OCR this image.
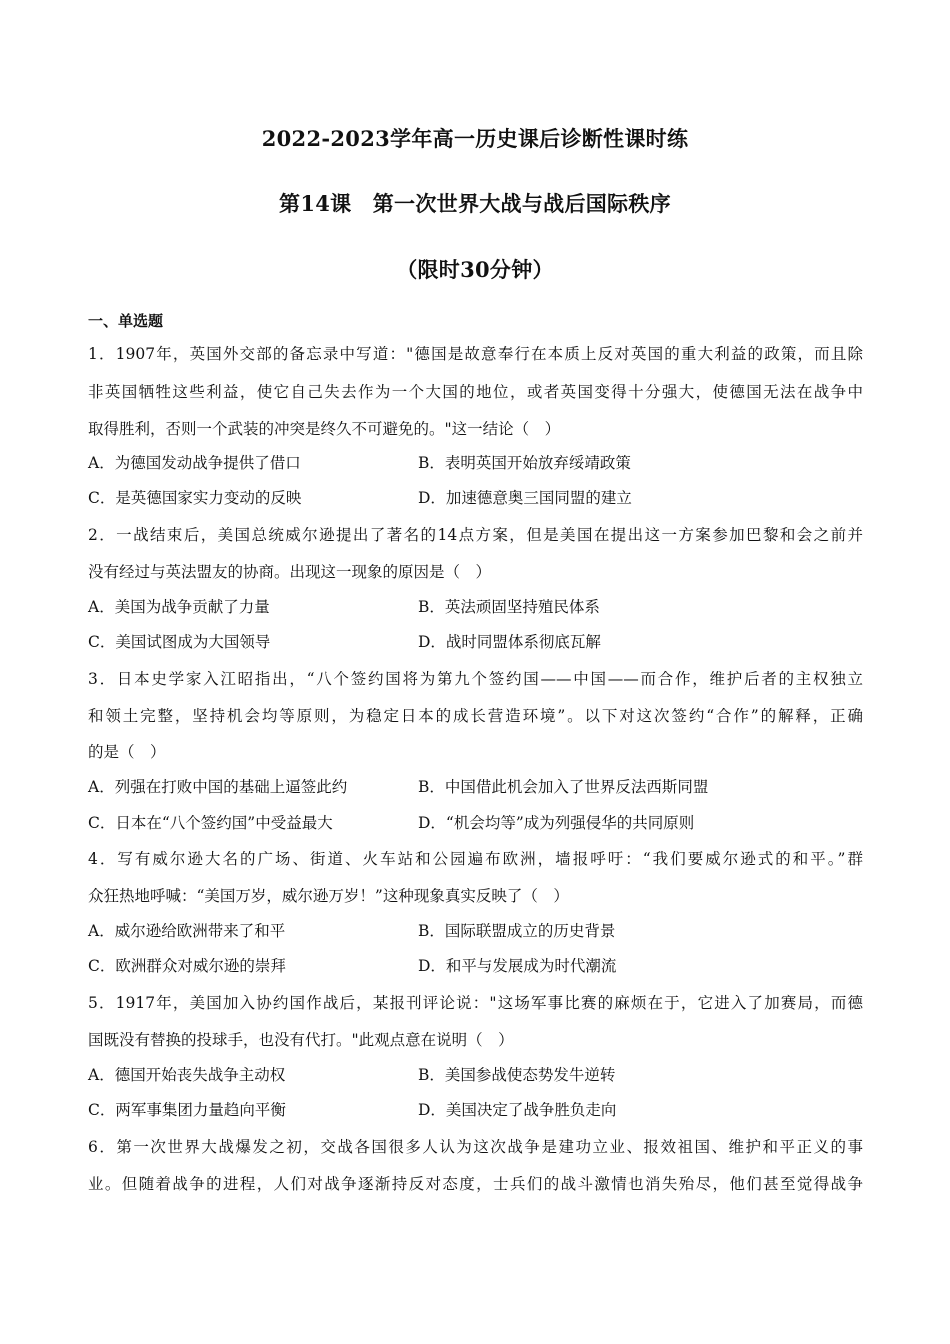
2022-2023学年高一历史课后诊断性课时练
第14课　第一次世界大战与战后国际秩序
（限时30分钟）
一、单选题
1．1907年，英国外交部的备忘录中写道："德国是故意奉行在本质上反对英国的重大利益的政策，而且除
非英国牺牲这些利益，使它自己失去作为一个大国的地位，或者英国变得十分强大，使德国无法在战争中
取得胜利，否则一个武装的冲突是终久不可避免的。"这一结论（　）
A．为德国发动战争提供了借口	B．表明英国开始放弃绥靖政策
C．是英德国家实力变动的反映	D．加速德意奥三国同盟的建立
2．一战结束后，美国总统威尔逊提出了著名的14点方案，但是美国在提出这一方案参加巴黎和会之前并
没有经过与英法盟友的协商。出现这一现象的原因是（　）
A．美国为战争贡献了力量	B．英法顽固坚持殖民体系
C．美国试图成为大国领导	D．战时同盟体系彻底瓦解
3．日本史学家入江昭指出，“八个签约国将为第九个签约国——中国——而合作，维护后者的主权独立
和领土完整，坚持机会均等原则，为稳定日本的成长营造环境”。以下对这次签约“合作”的解释，正确
的是（　）
A．列强在打败中国的基础上逼签此约	B．中国借此机会加入了世界反法西斯同盟
C．日本在“八个签约国”中受益最大	D．“机会均等”成为列强侵华的共同原则
4．写有威尔逊大名的广场、街道、火车站和公园遍布欧洲，墙报呼吁：“我们要威尔逊式的和平。”群
众狂热地呼喊：“美国万岁，威尔逊万岁！”这种现象真实反映了（　）
A．威尔逊给欧洲带来了和平	B．国际联盟成立的历史背景
C．欧洲群众对威尔逊的崇拜	D．和平与发展成为时代潮流
5．1917年，美国加入协约国作战后，某报刊评论说："这场军事比赛的麻烦在于，它进入了加赛局，而德
国既没有替换的投球手，也没有代打。"此观点意在说明（　）
A．德国开始丧失战争主动权	B．美国参战使态势发牛逆转
C．两军事集团力量趋向平衡	D．美国决定了战争胜负走向
6．第一次世界大战爆发之初，交战各国很多人认为这次战争是建功立业、报效祖国、维护和平正义的事
业。但随着战争的进程，人们对战争逐渐持反对态度，士兵们的战斗激情也消失殆尽，他们甚至觉得战争
